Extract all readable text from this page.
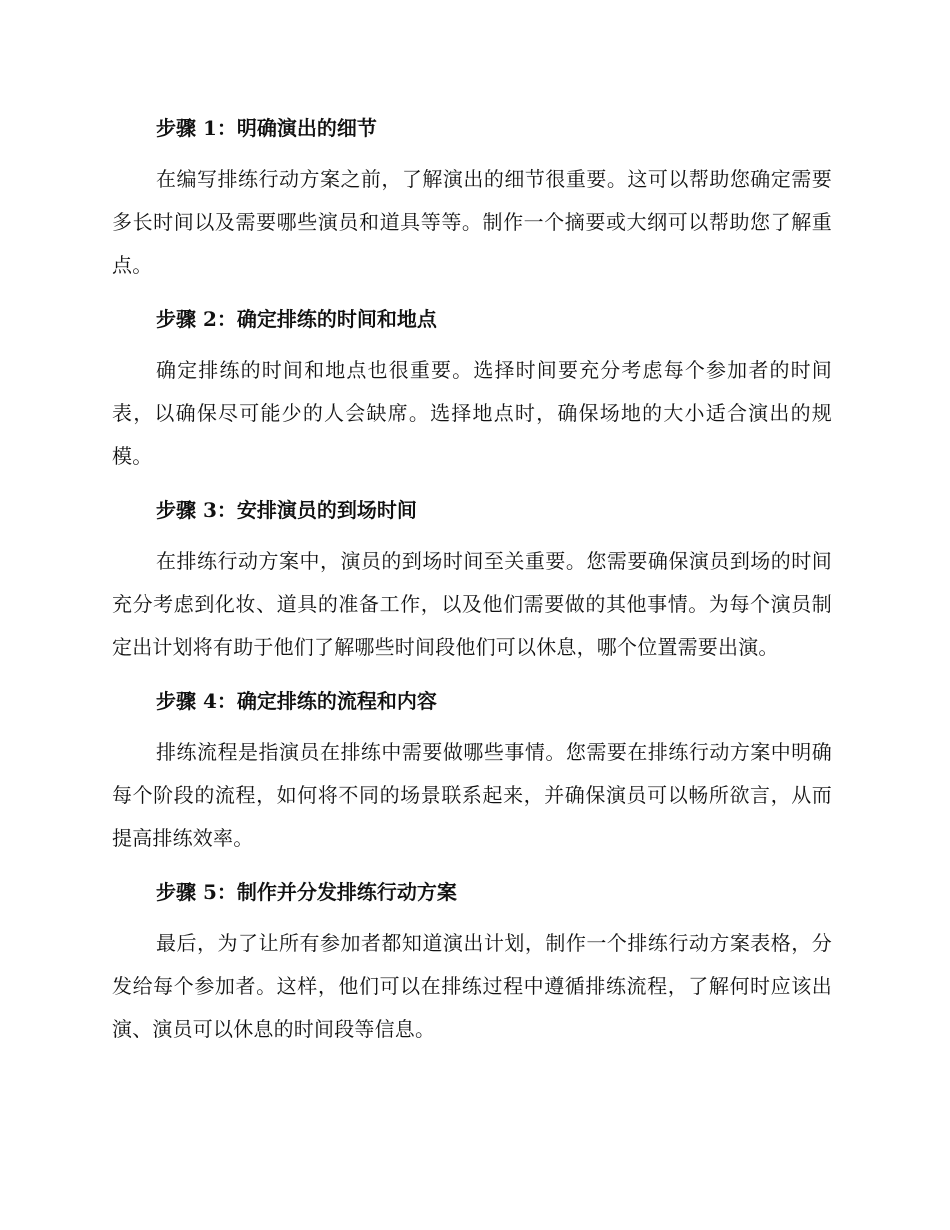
步骤 1：明确演出的细节

在编写排练行动方案之前，了解演出的细节很重要。这可以帮助您确定需要多长时间以及需要哪些演员和道具等等。制作一个摘要或大纲可以帮助您了解重点。

步骤 2：确定排练的时间和地点

确定排练的时间和地点也很重要。选择时间要充分考虑每个参加者的时间表，以确保尽可能少的人会缺席。选择地点时，确保场地的大小适合演出的规模。

步骤 3：安排演员的到场时间

在排练行动方案中，演员的到场时间至关重要。您需要确保演员到场的时间充分考虑到化妆、道具的准备工作，以及他们需要做的其他事情。为每个演员制定出计划将有助于他们了解哪些时间段他们可以休息，哪个位置需要出演。

步骤 4：确定排练的流程和内容

排练流程是指演员在排练中需要做哪些事情。您需要在排练行动方案中明确每个阶段的流程，如何将不同的场景联系起来，并确保演员可以畅所欲言，从而提高排练效率。

步骤 5：制作并分发排练行动方案

最后，为了让所有参加者都知道演出计划，制作一个排练行动方案表格，分发给每个参加者。这样，他们可以在排练过程中遵循排练流程，了解何时应该出演、演员可以休息的时间段等信息。
